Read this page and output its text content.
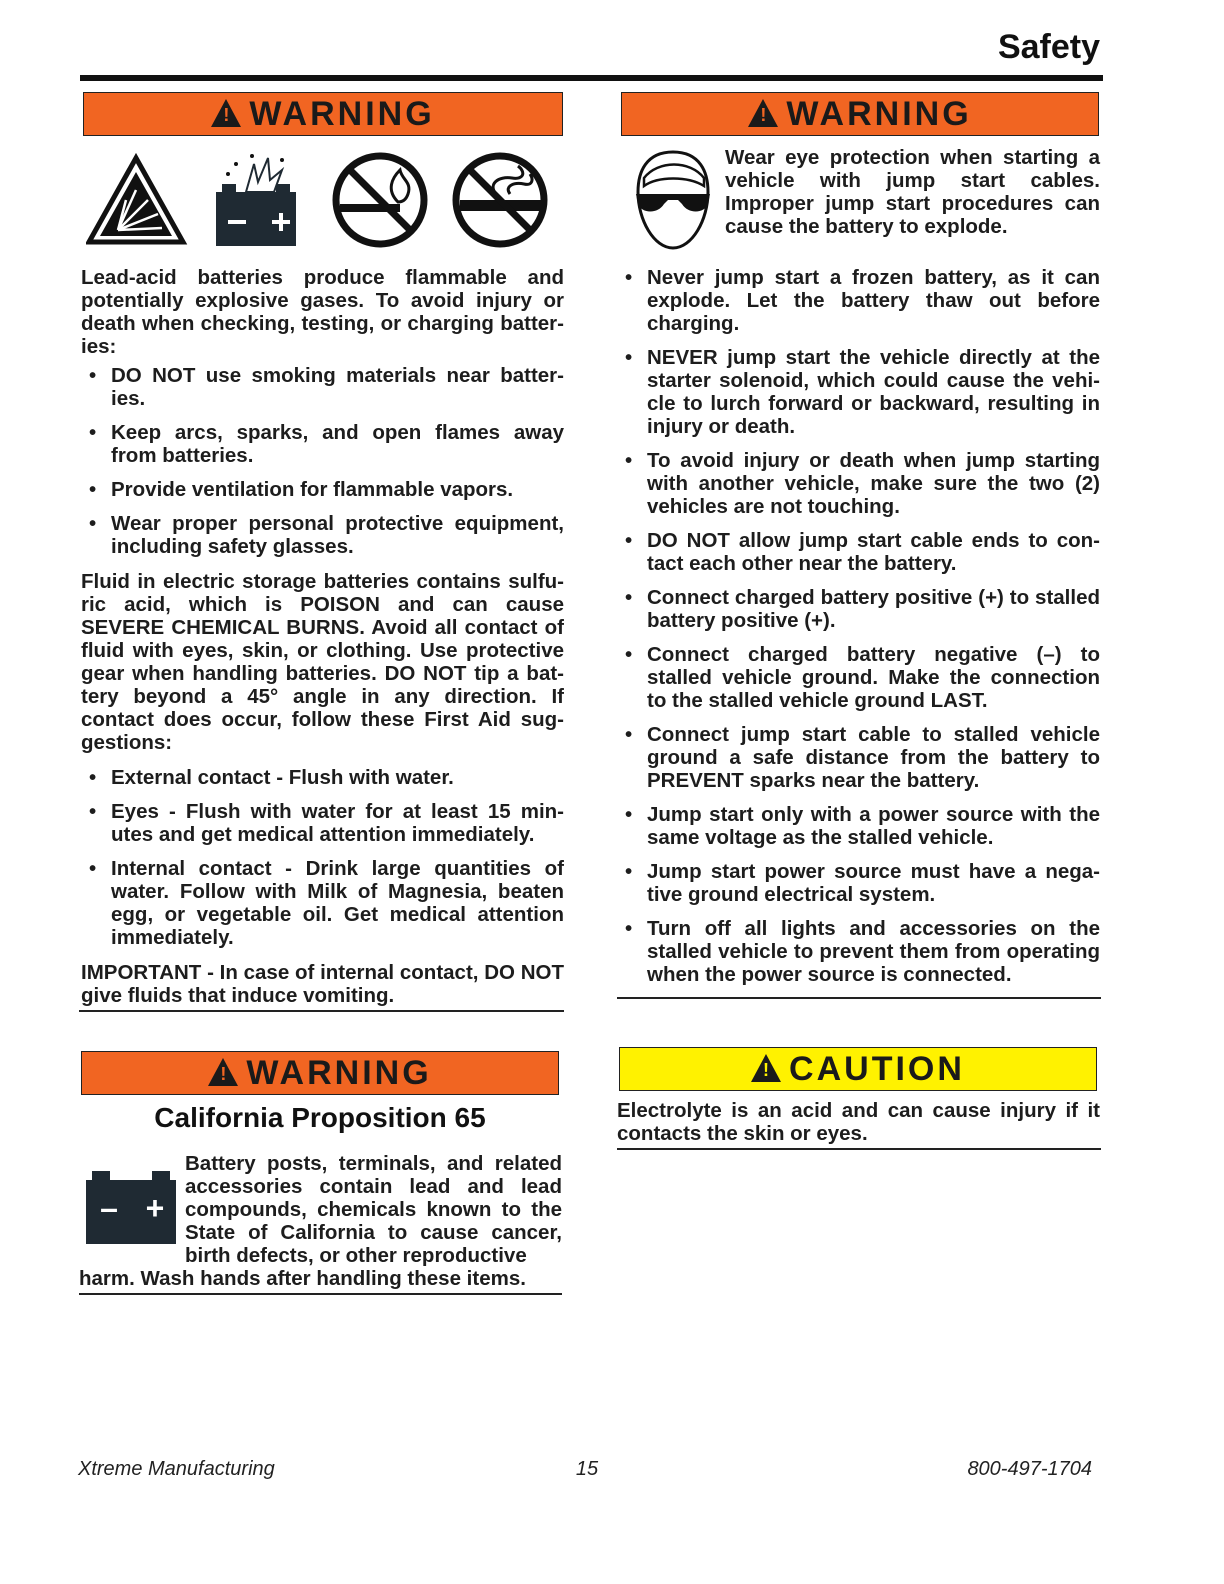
Safety
!
WARNING
Lead-acid batteries produce flammable and potentially explosive gases. To avoid injury or death when checking, testing, or charging batter-ies:
• DO NOT use smoking materials near batter-ies.
• Keep arcs, sparks, and open flames away from batteries.
• Provide ventilation for flammable vapors.
• Wear proper personal protective equipment, including safety glasses.
Fluid in electric storage batteries contains sulfu-ric acid, which is POISON and can cause SEVERE CHEMICAL BURNS. Avoid all contact of fluid with eyes, skin, or clothing. Use protective gear when handling batteries. DO NOT tip a bat-tery beyond a 45° angle in any direction. If contact does occur, follow these First Aid sug-gestions:
• External contact - Flush with water.
• Eyes - Flush with water for at least 15 min-utes and get medical attention immediately.
• Internal contact - Drink large quantities of water. Follow with Milk of Magnesia, beaten egg, or vegetable oil. Get medical attention immediately.
IMPORTANT - In case of internal contact, DO NOT give fluids that induce vomiting.
!
WARNING
Wear eye protection when starting a vehicle with jump start cables. Improper jump start procedures can cause the battery to explode.
• Never jump start a frozen battery, as it can explode. Let the battery thaw out before charging.
• NEVER jump start the vehicle directly at the starter solenoid, which could cause the vehi-cle to lurch forward or backward, resulting in injury or death.
• To avoid injury or death when jump starting with another vehicle, make sure the two (2) vehicles are not touching.
• DO NOT allow jump start cable ends to con-tact each other near the battery.
• Connect charged battery positive (+) to stalled battery positive (+).
• Connect charged battery negative (–) to stalled vehicle ground. Make the connection to the stalled vehicle ground LAST.
• Connect jump start cable to stalled vehicle ground a safe distance from the battery to PREVENT sparks near the battery.
• Jump start only with a power source with the same voltage as the stalled vehicle.
• Jump start power source must have a nega-tive ground electrical system.
• Turn off all lights and accessories on the stalled vehicle to prevent them from operating when the power source is connected.
!
WARNING
California Proposition 65
– +
Battery posts, terminals, and related accessories contain lead and lead compounds, chemicals known to the State of California to cause cancer, birth defects, or other reproductive
harm. Wash hands after handling these items.
!
CAUTION
Electrolyte is an acid and can cause injury if it contacts the skin or eyes.
Xtreme Manufacturing	15	800-497-1704
